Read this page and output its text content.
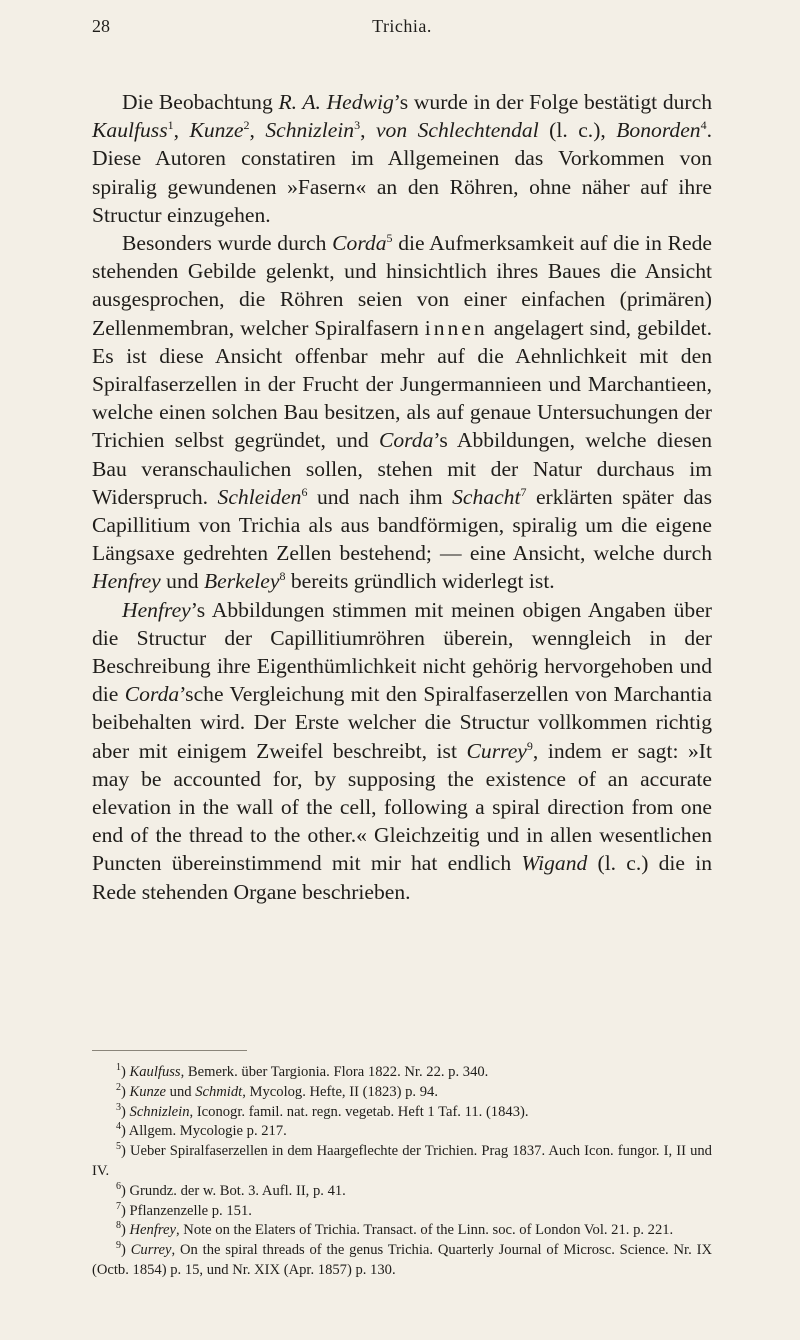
28	Trichia.

Die Beobachtung R. A. Hedwig’s wurde in der Folge bestätigt durch Kaulfuss$^1$, Kunze$^2$, Schnizlein$^3$, von Schlechtendal (l. c.), Bonorden$^4$. Diese Autoren constatiren im Allgemeinen das Vorkommen von spiralig gewundenen »Fasern« an den Röhren, ohne näher auf ihre Structur einzugehen.

Besonders wurde durch Corda$^5$ die Aufmerksamkeit auf die in Rede stehenden Gebilde gelenkt, und hinsichtlich ihres Baues die Ansicht ausgesprochen, die Röhren seien von einer einfachen (primären) Zellenmembran, welcher Spiralfasern innen angelagert sind, gebildet. Es ist diese Ansicht offenbar mehr auf die Aehnlichkeit mit den Spiralfaserzellen in der Frucht der Jungermannieen und Marchantieen, welche einen solchen Bau besitzen, als auf genaue Untersuchungen der Trichien selbst gegründet, und Corda’s Abbildungen, welche diesen Bau veranschaulichen sollen, stehen mit der Natur durchaus im Widerspruch. Schleiden$^6$ und nach ihm Schacht$^7$ erklärten später das Capillitium von Trichia als aus bandförmigen, spiralig um die eigene Längsaxe gedrehten Zellen bestehend; — eine Ansicht, welche durch Henfrey und Berkeley$^8$ bereits gründlich widerlegt ist.

Henfrey’s Abbildungen stimmen mit meinen obigen Angaben über die Structur der Capillitiumröhren überein, wenngleich in der Beschreibung ihre Eigenthümlichkeit nicht gehörig hervorgehoben und die Corda’sche Vergleichung mit den Spiralfaserzellen von Marchantia beibehalten wird. Der Erste welcher die Structur vollkommen richtig aber mit einigem Zweifel beschreibt, ist Currey$^9$, indem er sagt: »It may be accounted for, by supposing the existence of an accurate elevation in the wall of the cell, following a spiral direction from one end of the thread to the other.« Gleichzeitig und in allen wesentlichen Puncten übereinstimmend mit mir hat endlich Wigand (l. c.) die in Rede stehenden Organe beschrieben.

$^1$) Kaulfuss, Bemerk. über Targionia. Flora 1822. Nr. 22. p. 340.

$^2$) Kunze und Schmidt, Mycolog. Hefte, II (1823) p. 94.

$^3$) Schnizlein, Iconogr. famil. nat. regn. vegetab. Heft 1 Taf. 11. (1843).

$^4$) Allgem. Mycologie p. 217.

$^5$) Ueber Spiralfaserzellen in dem Haargeflechte der Trichien. Prag 1837. Auch Icon. fungor. I, II und IV.

$^6$) Grundz. der w. Bot. 3. Aufl. II, p. 41.

$^7$) Pflanzenzelle p. 151.

$^8$) Henfrey, Note on the Elaters of Trichia. Transact. of the Linn. soc. of London Vol. 21. p. 221.

$^9$) Currey, On the spiral threads of the genus Trichia. Quarterly Journal of Microsc. Science. Nr. IX (Octb. 1854) p. 15, und Nr. XIX (Apr. 1857) p. 130.
